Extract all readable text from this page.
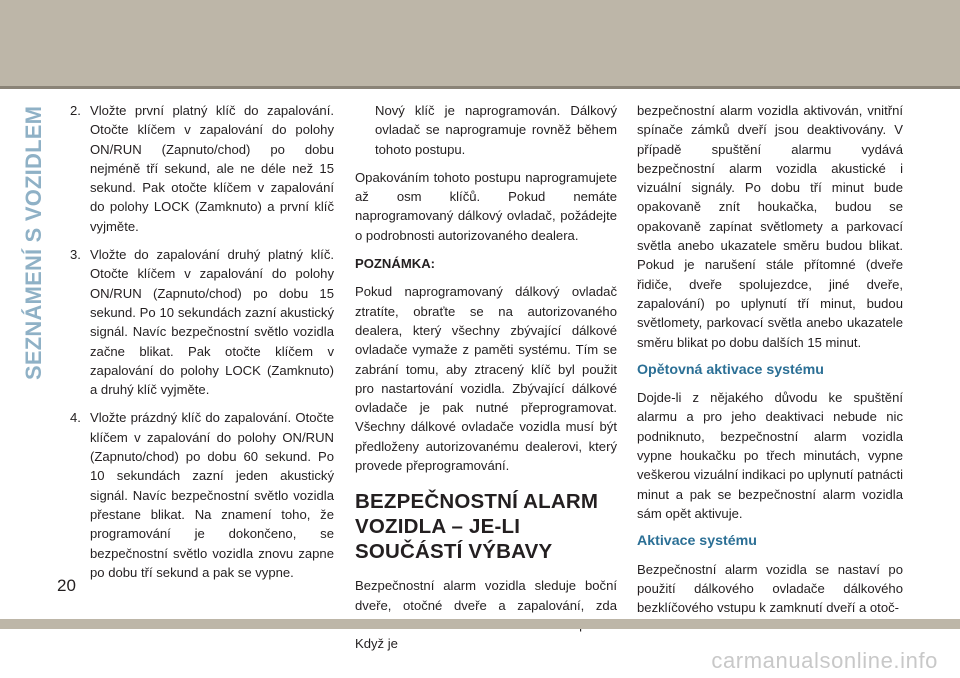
SEZNÁMENÍ S VOZIDLEM 2. Vložte první platný klíč do zapalování. Otočte klíčem v zapalování do polohy ON/RUN (Zapnuto/chod) po dobu nejméně tří sekund, ale ne déle než 15 sekund. Pak otočte klíčem v zapalování do polohy LOCK (Zamknuto) a první klíč vyjměte.
3. Vložte do zapalování druhý platný klíč. Otočte klíčem v zapalování do polohy ON/RUN (Zapnuto/chod) po dobu 15 sekund. Po 10 sekundách zazní akustický signál. Navíc bezpečnostní světlo vozidla začne blikat. Pak otočte klíčem v zapalování do polohy LOCK (Zamknuto) a druhý klíč vyjměte.
4. Vložte prázdný klíč do zapalování. Otočte klíčem v zapalování do polohy ON/RUN (Zapnuto/chod) po dobu 60 sekund. Po 10 sekundách zazní jeden akustický signál. Navíc bezpečnostní světlo vozidla přestane blikat. Na znamení toho, že programování je dokončeno, se bezpečnostní světlo vozidla znovu zapne po dobu tří sekund a pak se vypne.

Nový klíč je naprogramován. Dálkový ovladač se naprogramuje rovněž během tohoto postupu.

Opakováním tohoto postupu naprogramujete až osm klíčů. Pokud nemáte naprogramovaný dálkový ovladač, požádejte o podrobnosti autorizovaného dealera.

POZNÁMKA:

Pokud naprogramovaný dálkový ovladač ztratíte, obraťte se na autorizovaného dealera, který všechny zbývající dálkové ovladače vymaže z paměti systému. Tím se zabrání tomu, aby ztracený klíč byl použit pro nastartování vozidla. Zbývající dálkové ovladače je pak nutné přeprogramovat. Všechny dálkové ovladače vozidla musí být předloženy autorizovanému dealerovi, který provede přeprogramování.

BEZPEČNOSTNÍ ALARM VOZIDLA – JE-LI SOUČÁSTÍ VÝBAVY

Bezpečnostní alarm vozidla sleduje boční dveře, otočné dveře a zapalování, zda Když je

bezpečnostní alarm vozidla aktivován, vnitřní spínače zámků dveří jsou deaktivovány. V případě spuštění alarmu vydává bezpečnostní alarm vozidla akustické i vizuální signály. Po dobu tří minut bude opakovaně znít houkačka, budou se opakovaně zapínat světlomety a parkovací světla anebo ukazatele směru budou blikat. Pokud je narušení stále přítomné (dveře řidiče, dveře spolujezdce, jiné dveře, zapalování) po uplynutí tří minut, budou světlomety, parkovací světla anebo ukazatele směru blikat po dobu dalších 15 minut.

Opětovná aktivace systému

Dojde-li z nějakého důvodu ke spuštění alarmu a pro jeho deaktivaci nebude nic podniknuto, bezpečnostní alarm vozidla vypne houkačku po třech minutách, vypne veškerou vizuální indikaci po uplynutí patnácti minut a pak se bezpečnostní alarm vozidla sám opět aktivuje.

Aktivace systému

Bezpečnostní alarm vozidla se nastaví po použití dálkového ovladače dálkového bezklíčového vstupu k zamknutí dveří a otoč-

20
carmanualsonline.info
